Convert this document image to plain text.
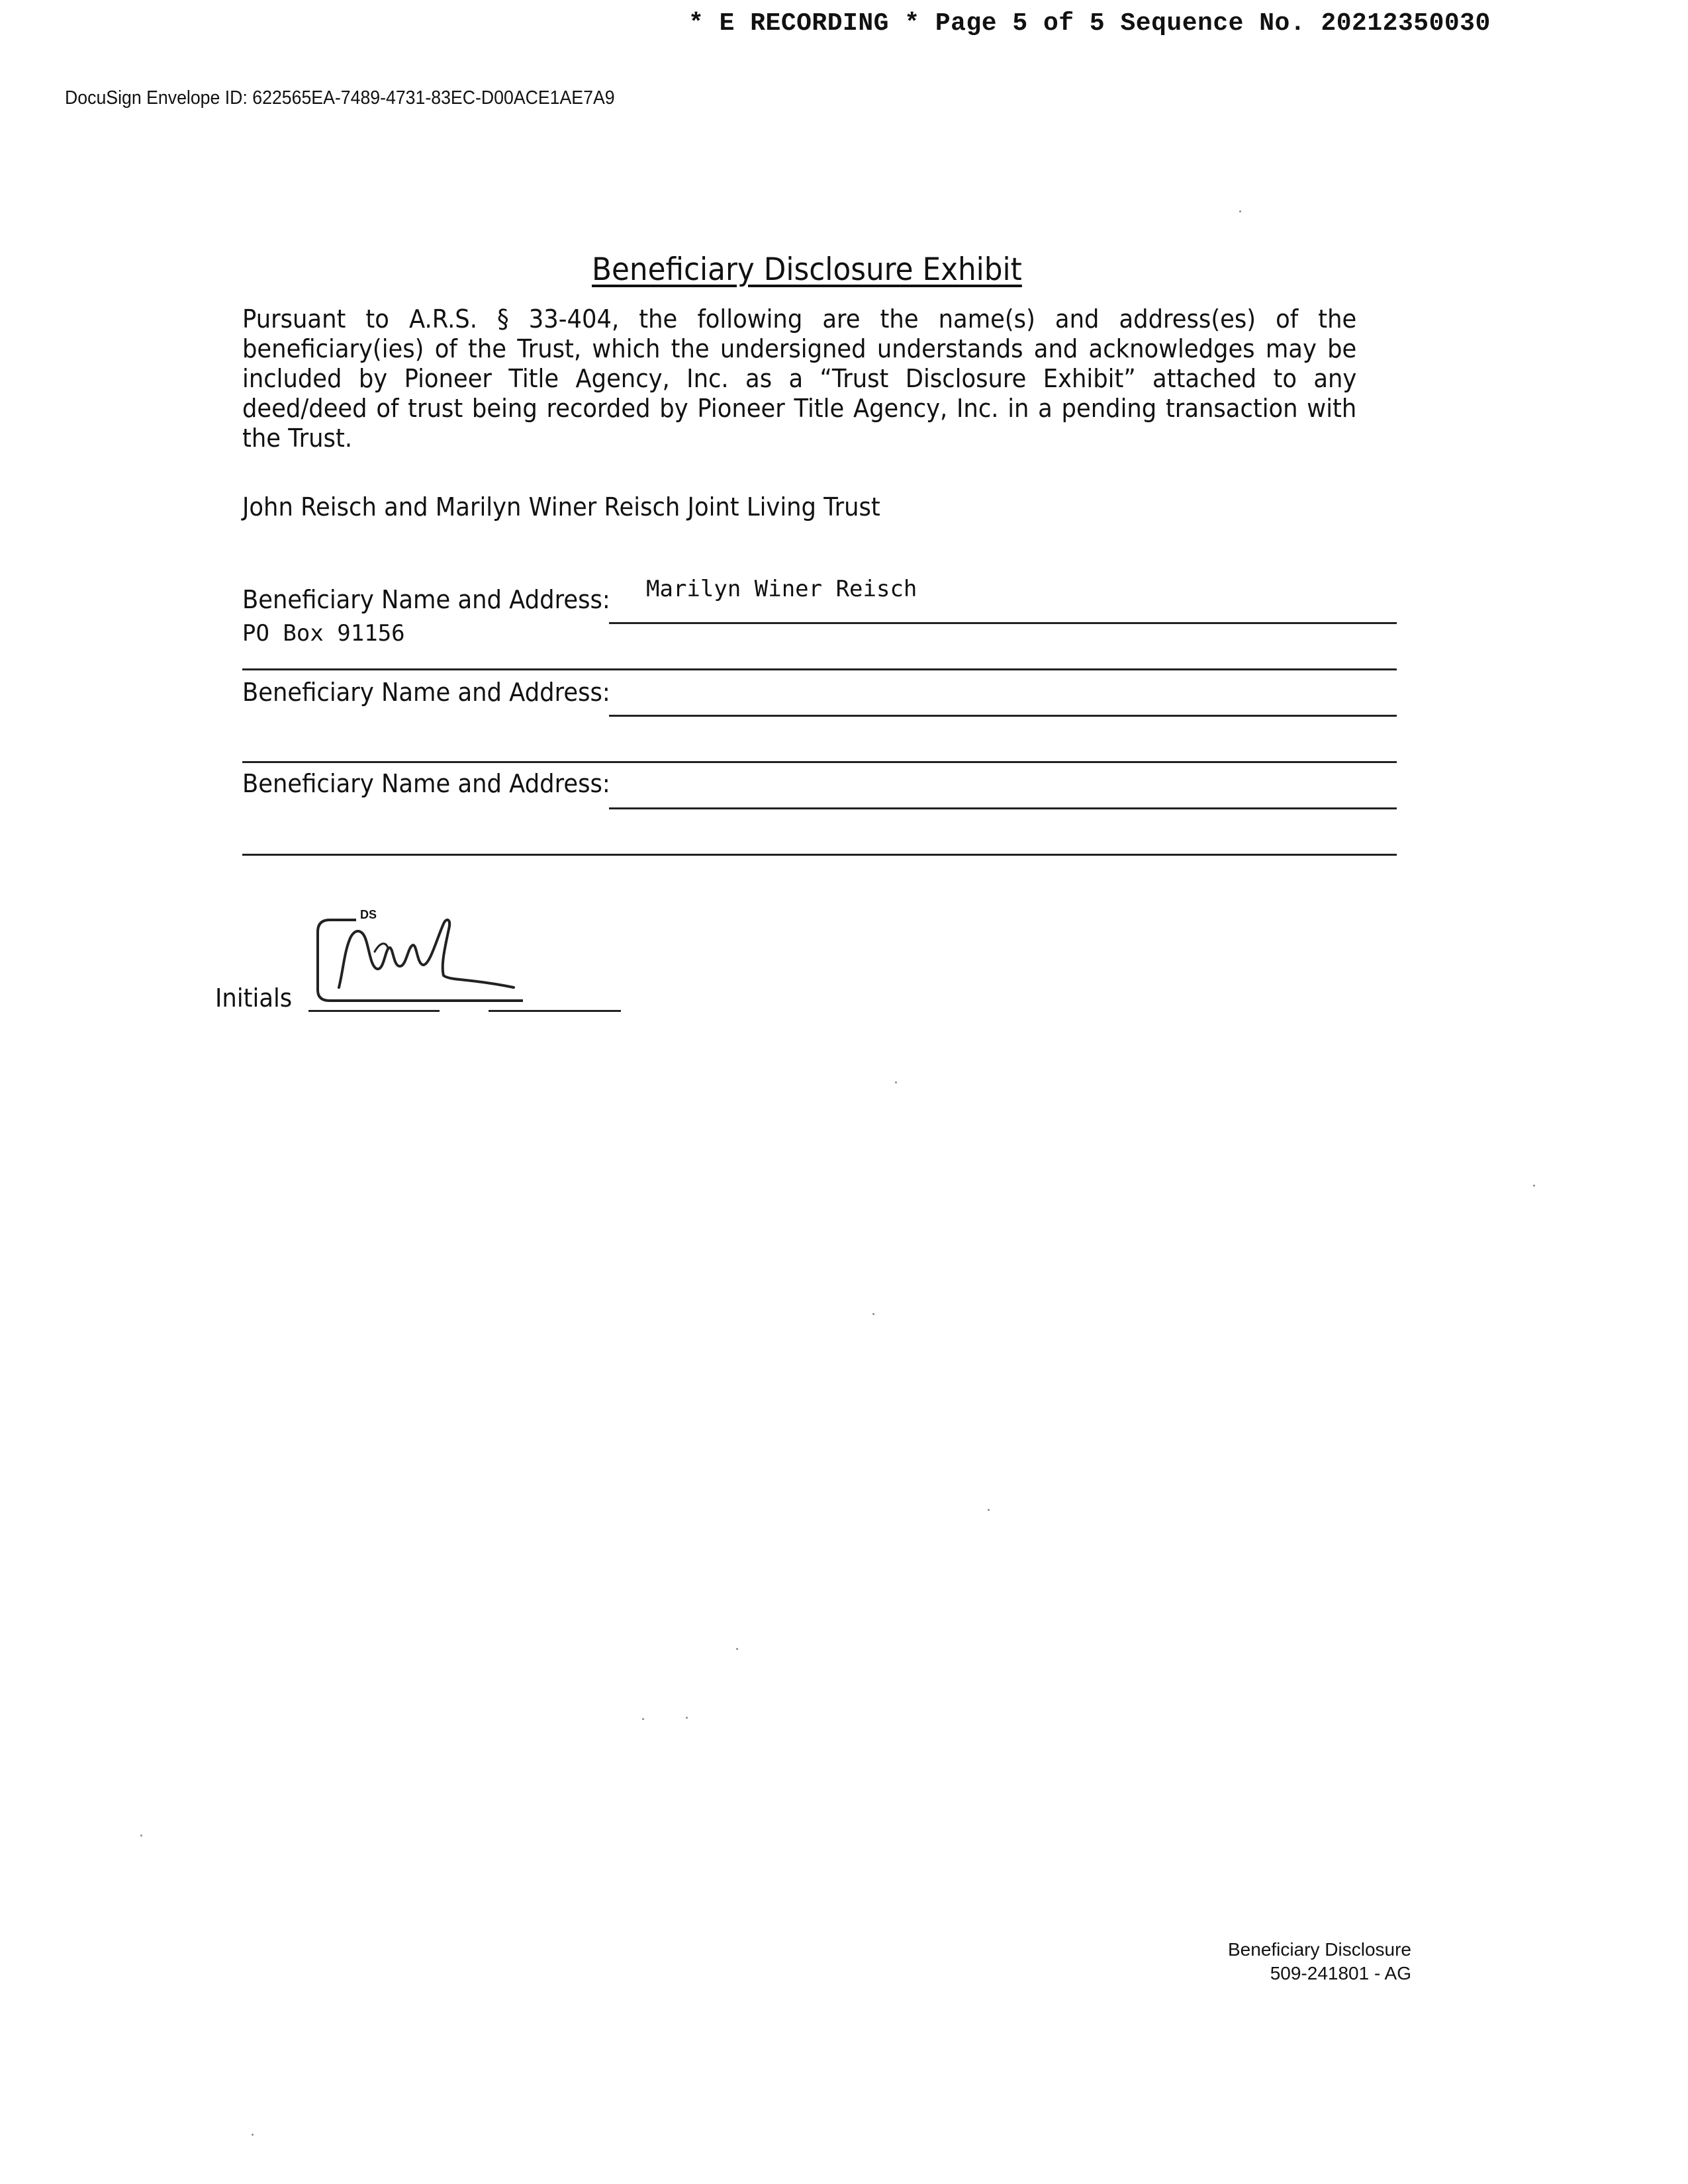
* E RECORDING * Page 5 of 5 Sequence No. 20212350030
DocuSign Envelope ID: 622565EA-7489-4731-83EC-D00ACE1AE7A9
Beneficiary Disclosure Exhibit
Pursuant to A.R.S. § 33-404, the following are the name(s) and address(es) of the beneficiary(ies) of the Trust, which the undersigned understands and acknowledges may be included by Pioneer Title Agency, Inc. as a “Trust Disclosure Exhibit” attached to any deed/deed of trust being recorded by Pioneer Title Agency, Inc. in a pending transaction with the Trust.
John Reisch and Marilyn Winer Reisch Joint Living Trust
Beneficiary Name and Address: Marilyn Winer Reisch
PO Box 91156
Beneficiary Name and Address:
Beneficiary Name and Address:
Initials
DS
Beneficiary Disclosure
509-241801 - AG
